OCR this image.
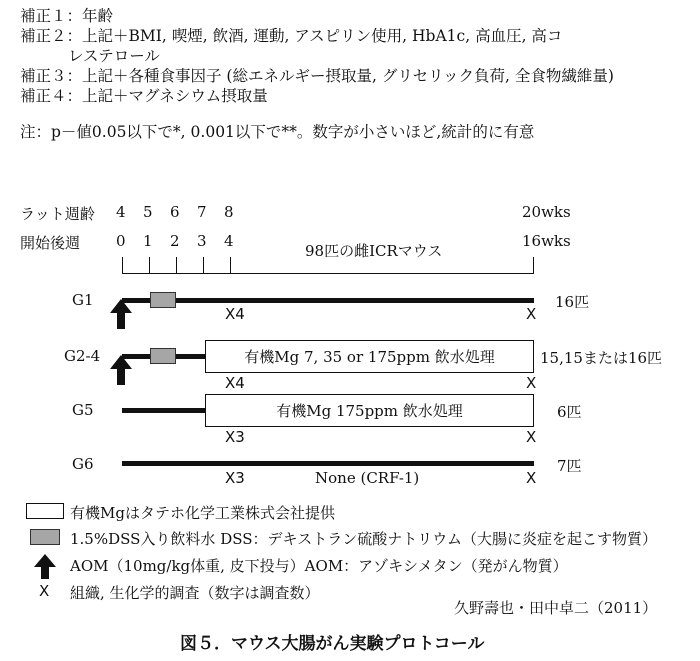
補正１：年齢
補正２：上記＋BMI, 喫煙, 飲酒, 運動, アスピリン使用, HbA1c, 高血圧, 高コ
レステロール
補正３：上記＋各種食事因子 (総エネルギー摂取量, グリセリック負荷, 全食物繊維量)
補正４：上記＋マグネシウム摂取量
注：p－値0.05以下で*, 0.001以下で**。数字が小さいほど,統計的に有意
ラット週齢 4 5 6 7 8	20wks
開始後週 0 1 2 3 4
98匹の雌ICRマウス
16wks
G1
X4	X
16匹
G2-4	有機Mg 7, 35 or 175ppm 飲水処理
X4	X
15,15または16匹
G5	有機Mg 175ppm 飲水処理
X3	X
6匹
G6
X3	None (CRF-1)	X
7匹
有機Mgはタテホ化学工業株式会社提供
1.5%DSS入り飲料水 DSS：デキストラン硫酸ナトリウム（大腸に炎症を起こす物質）
AOM（10mg/kg体重, 皮下投与）AOM：アゾキシメタン（発がん物質）
X 組織, 生化学的調査（数字は調査数）
久野壽也・田中卓二（2011）
図５．マウス大腸がん実験プロトコール
